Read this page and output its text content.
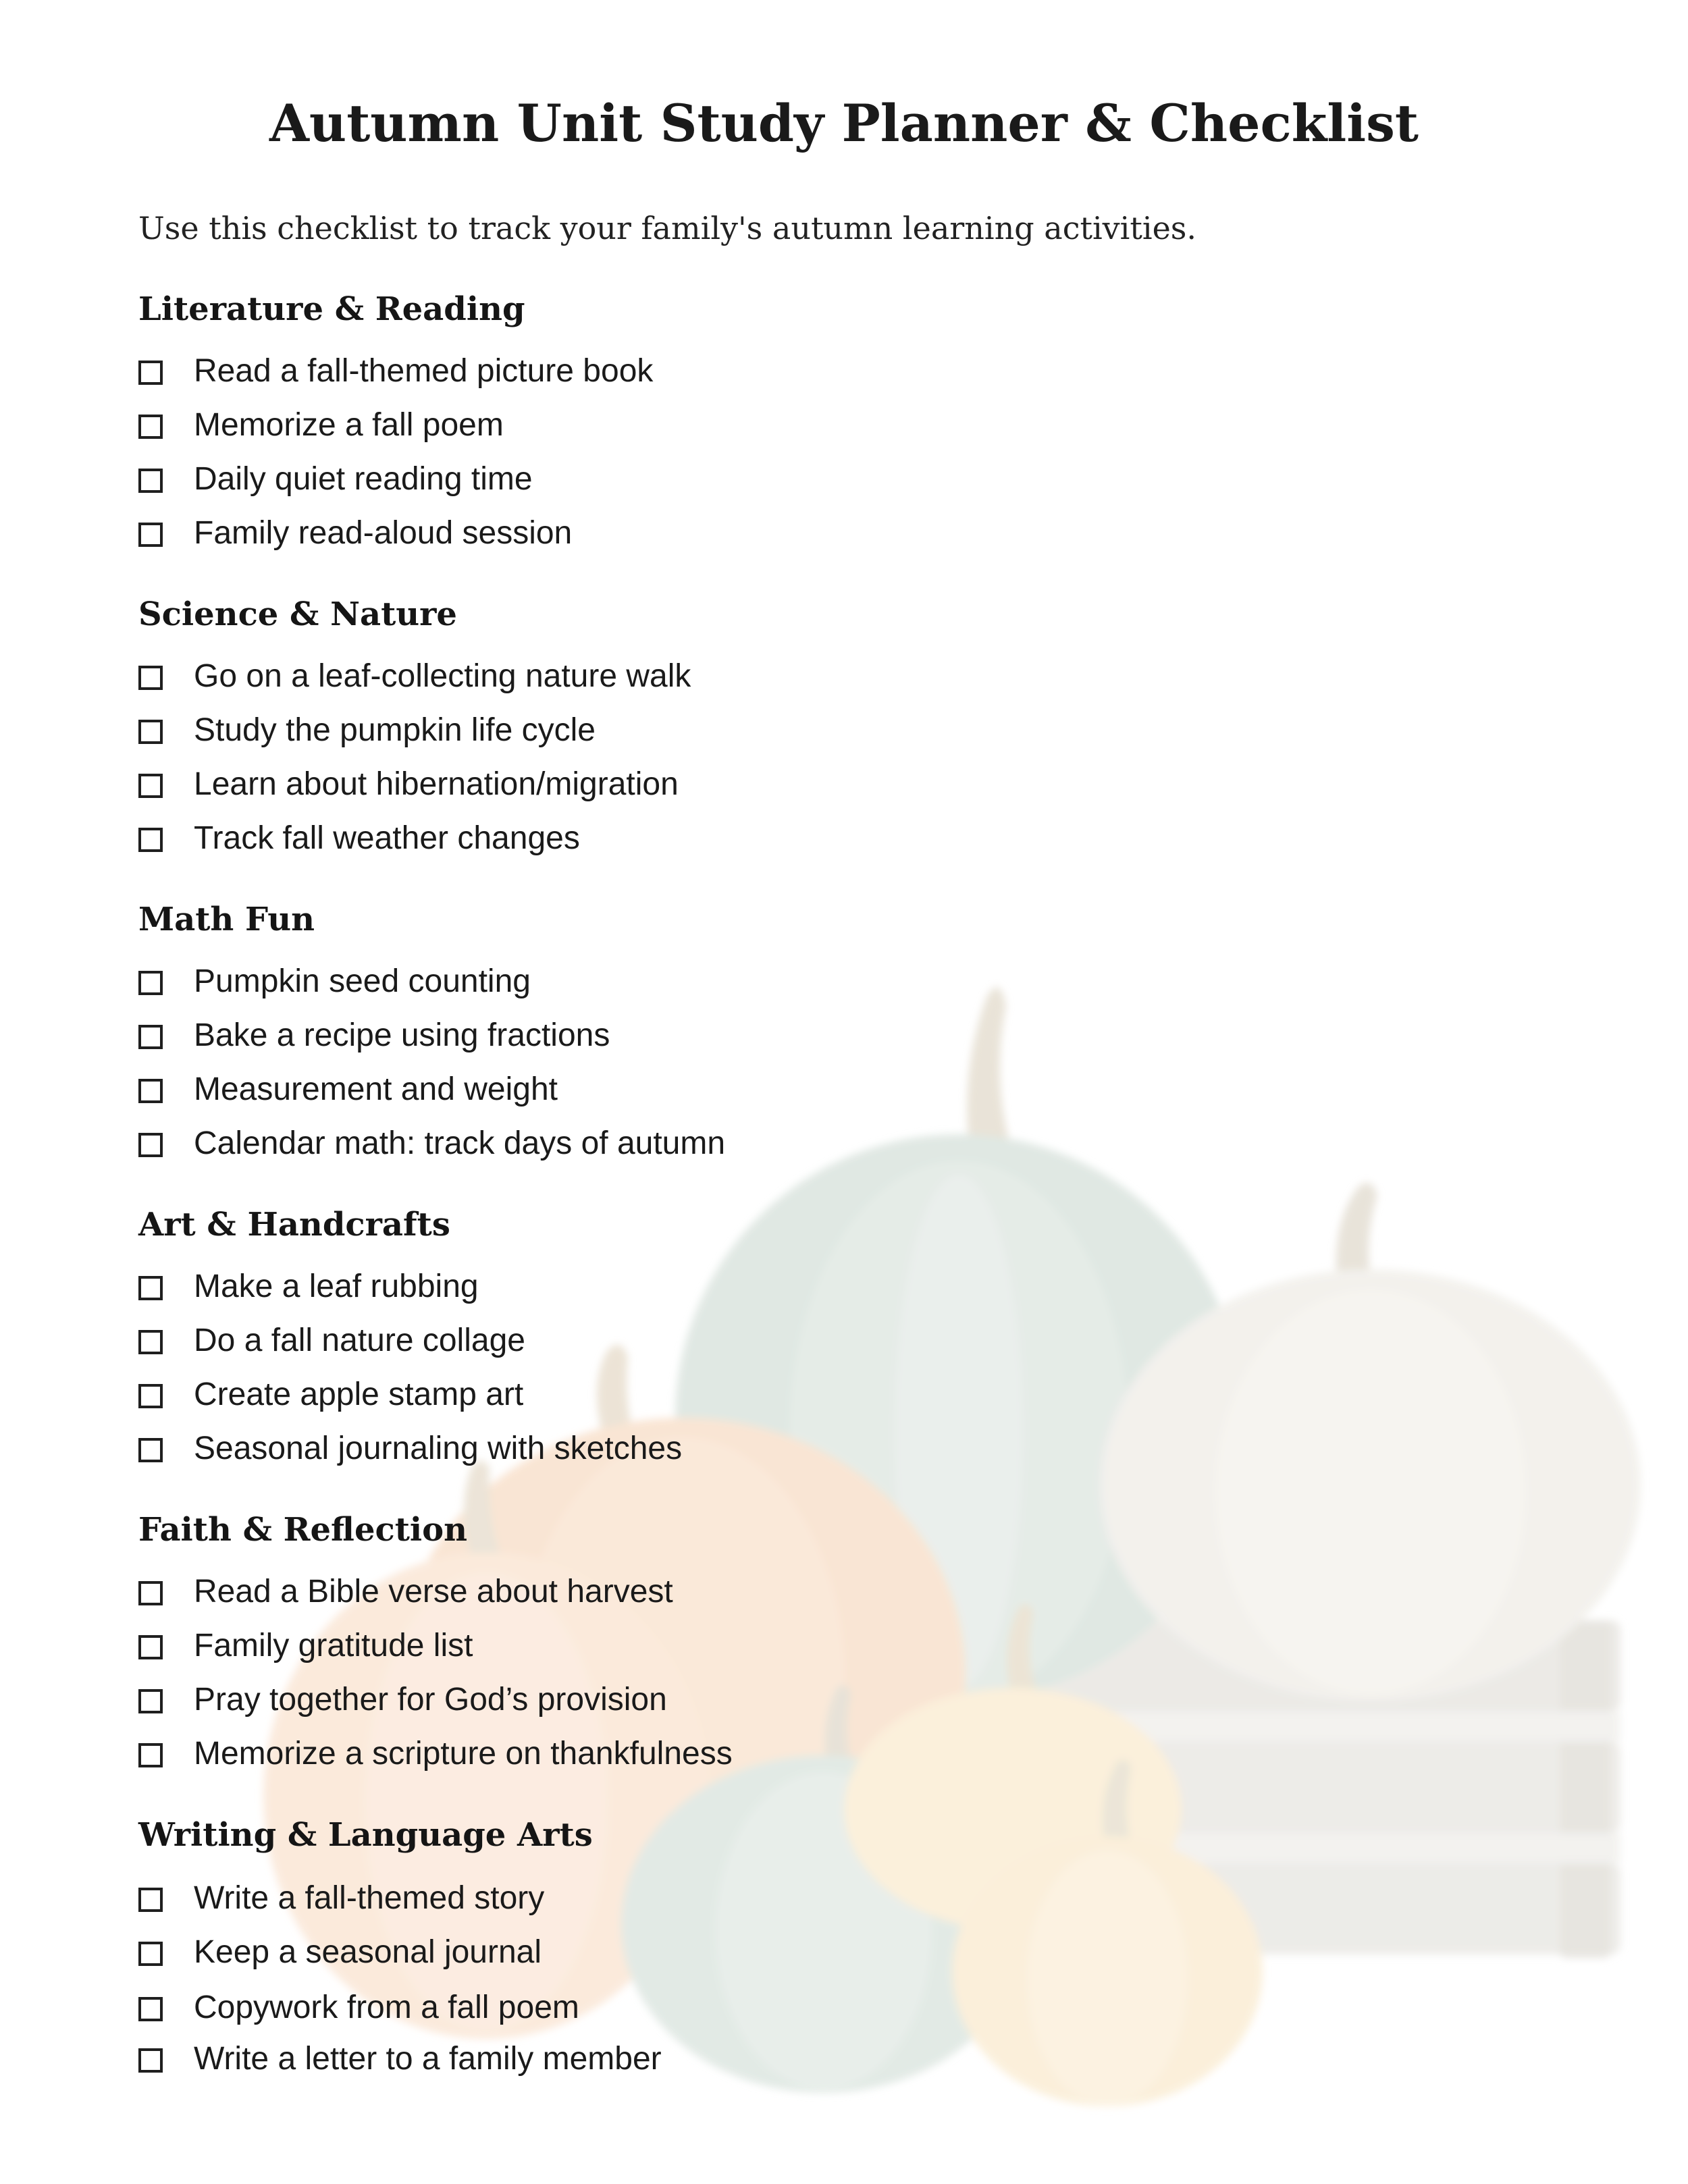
Autumn Unit Study Planner & Checklist

Use this checklist to track your family's autumn learning activities.

Literature & Reading
Read a fall-themed picture book
Memorize a fall poem
Daily quiet reading time
Family read-aloud session
Science & Nature
Go on a leaf-collecting nature walk
Study the pumpkin life cycle
Learn about hibernation/migration
Track fall weather changes
Math Fun
Pumpkin seed counting
Bake a recipe using fractions
Measurement and weight
Calendar math: track days of autumn
Art & Handcrafts
Make a leaf rubbing
Do a fall nature collage
Create apple stamp art
Seasonal journaling with sketches
Faith & Reflection
Read a Bible verse about harvest
Family gratitude list
Pray together for God’s provision
Memorize a scripture on thankfulness
Writing & Language Arts
Write a fall-themed story
Keep a seasonal journal
Copywork from a fall poem
Write a letter to a family member
